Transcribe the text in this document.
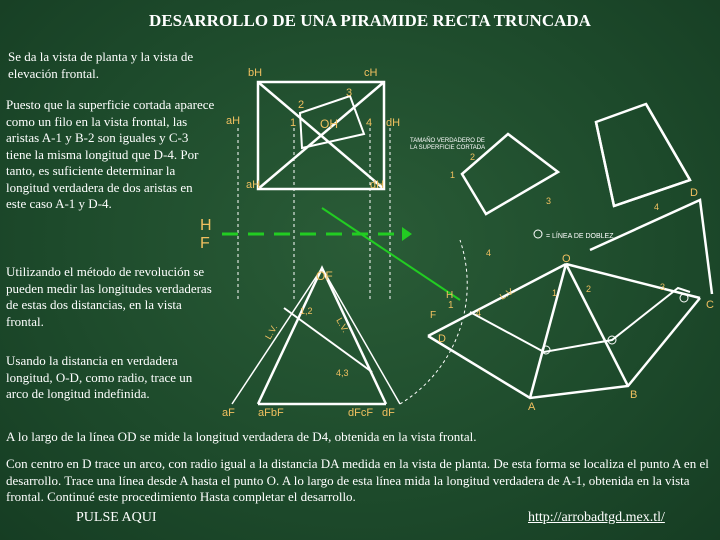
DESARROLLO DE UNA PIRAMIDE RECTA TRUNCADA
Se da la vista de planta y la vista de elevación frontal.
Puesto que la superficie cortada aparece como un filo en la vista frontal, las aristas A-1 y B-2 son iguales y C-3 tiene la misma longitud que D-4. Por tanto, es suficiente determinar la longitud verdadera de dos aristas en este caso A-1 y D-4.
Utilizando el método de revolución se pueden medir las longitudes verdaderas de estas dos distancias, en la vista frontal.
Usando la distancia en verdadera longitud, O-D, como radio, trace un arco de longitud indefinida.
A lo largo de la línea OD se mide la longitud verdadera de D4, obtenida en la vista frontal.
Con centro en D trace un arco, con radio igual a la distancia DA medida en la vista de planta. De esta forma se localiza el punto A en el desarrollo. Trace una línea desde A hasta el punto O. A lo largo de esta línea mida la longitud verdadera de A-1, obtenida en la vista frontal. Continué este procedimiento Hasta completar el desarrollo.
PULSE AQUI	http://arrobadtgd.mex.tl/
bH	cH
aH	OH	dH
aH	dH
2
3
1	4
H
F
OF
aF aFbF	dFcF dF
1,2
4,3
L.V.	L.V.
L.V.
TAMAÑO VERDADERO DE
LA SUPERFICIE CORTADA
= LÍNEA DE DOBLEZ
O
D
A
B
C
D
4
1	2	3
4
1
2
3
4
H
F
1
